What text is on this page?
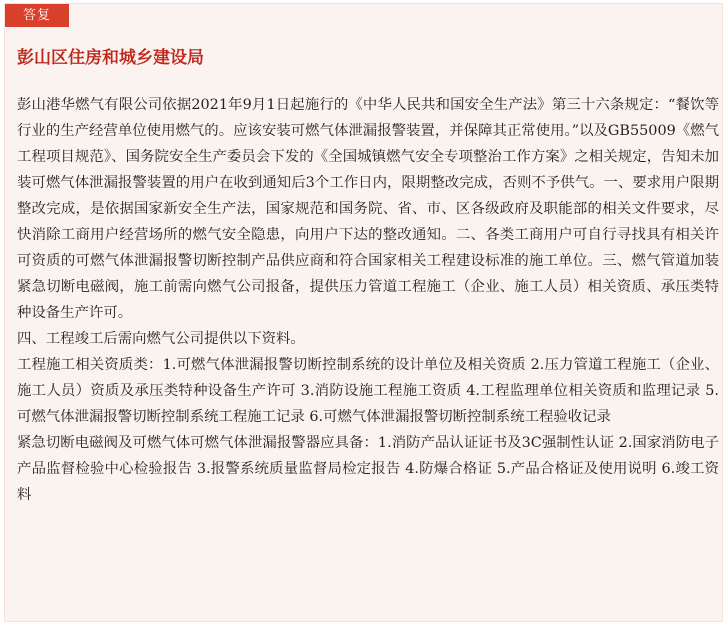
答复
彭山区住房和城乡建设局

彭山港华燃气有限公司依据2021年9月1日起施行的《中华人民共和国安全生产法》第三十六条规定：“餐饮等行业的生产经营单位使用燃气的。应该安装可燃气体泄漏报警装置，并保障其正常使用。”以及GB55009《燃气工程项目规范》、国务院安全生产委员会下发的《全国城镇燃气安全专项整治工作方案》之相关规定，告知未加装可燃气体泄漏报警装置的用户在收到通知后3个工作日内，限期整改完成，否则不予供气。一、要求用户限期整改完成，是依据国家新安全生产法，国家规范和国务院、省、市、区各级政府及职能部的相关文件要求，尽快消除工商用户经营场所的燃气安全隐患，向用户下达的整改通知。二、各类工商用户可自行寻找具有相关许可资质的可燃气体泄漏报警切断控制产品供应商和符合国家相关工程建设标准的施工单位。三、燃气管道加装紧急切断电磁阀，施工前需向燃气公司报备，提供压力管道工程施工（企业、施工人员）相关资质、承压类特种设备生产许可。

四、工程竣工后需向燃气公司提供以下资料。

工程施工相关资质类：1.可燃气体泄漏报警切断控制系统的设计单位及相关资质 2.压力管道工程施工（企业、施工人员）资质及承压类特种设备生产许可 3.消防设施工程施工资质 4.工程监理单位相关资质和监理记录 5.可燃气体泄漏报警切断控制系统工程施工记录 6.可燃气体泄漏报警切断控制系统工程验收记录

紧急切断电磁阀及可燃气体可燃气体泄漏报警器应具备：1.消防产品认证证书及3C强制性认证 2.国家消防电子产品监督检验中心检验报告 3.报警系统质量监督局检定报告 4.防爆合格证 5.产品合格证及使用说明 6.竣工资料
